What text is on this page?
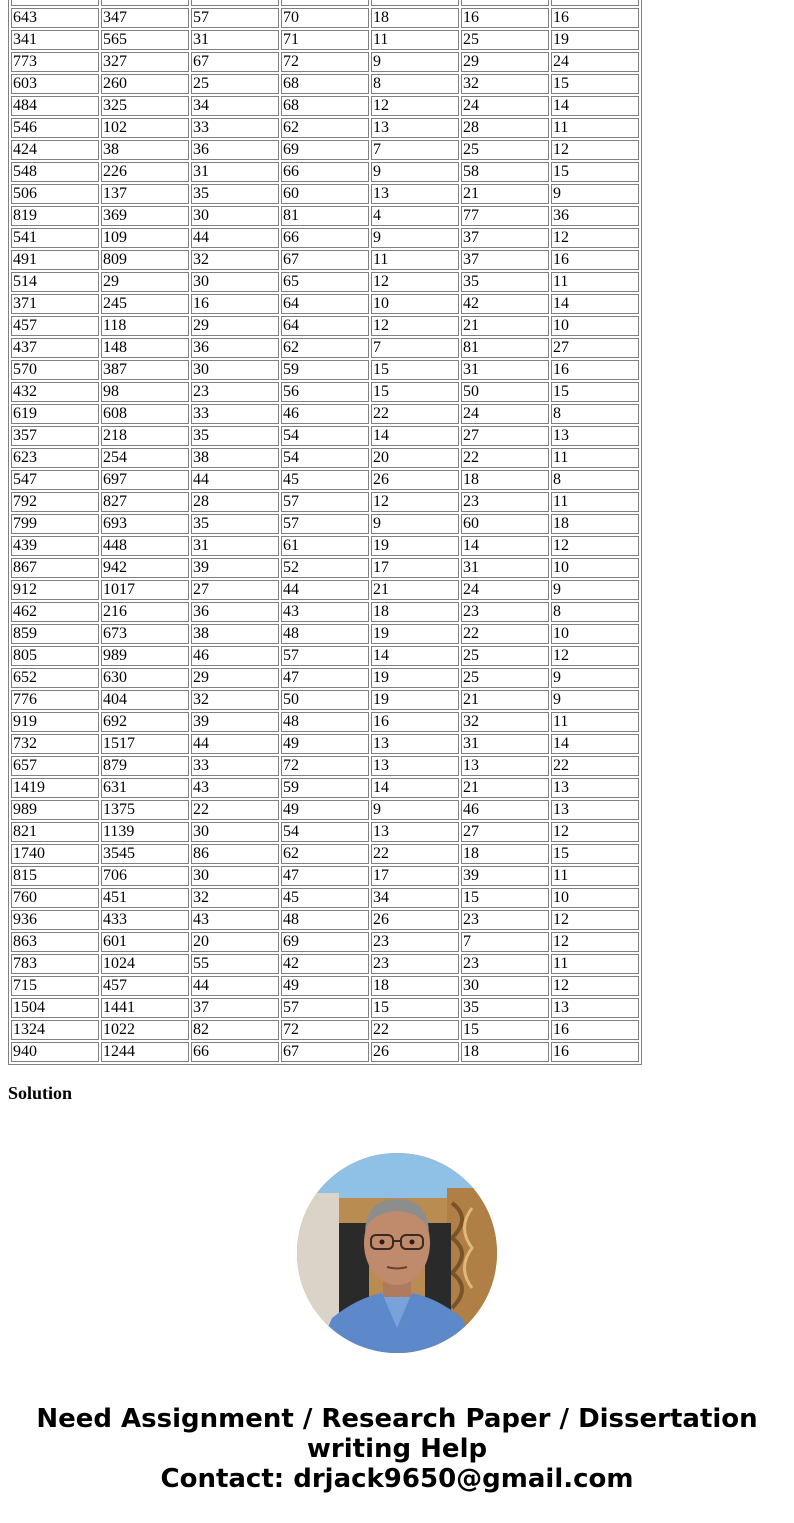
643	347	57	70	18	16	16
341	565	31	71	11	25	19
773	327	67	72	9	29	24
603	260	25	68	8	32	15
484	325	34	68	12	24	14
546	102	33	62	13	28	11
424	38	36	69	7	25	12
548	226	31	66	9	58	15
506	137	35	60	13	21	9
819	369	30	81	4	77	36
541	109	44	66	9	37	12
491	809	32	67	11	37	16
514	29	30	65	12	35	11
371	245	16	64	10	42	14
457	118	29	64	12	21	10
437	148	36	62	7	81	27
570	387	30	59	15	31	16
432	98	23	56	15	50	15
619	608	33	46	22	24	8
357	218	35	54	14	27	13
623	254	38	54	20	22	11
547	697	44	45	26	18	8
792	827	28	57	12	23	11
799	693	35	57	9	60	18
439	448	31	61	19	14	12
867	942	39	52	17	31	10
912	1017	27	44	21	24	9
462	216	36	43	18	23	8
859	673	38	48	19	22	10
805	989	46	57	14	25	12
652	630	29	47	19	25	9
776	404	32	50	19	21	9
919	692	39	48	16	32	11
732	1517	44	49	13	31	14
657	879	33	72	13	13	22
1419	631	43	59	14	21	13
989	1375	22	49	9	46	13
821	1139	30	54	13	27	12
1740	3545	86	62	22	18	15
815	706	30	47	17	39	11
760	451	32	45	34	15	10
936	433	43	48	26	23	12
863	601	20	69	23	7	12
783	1024	55	42	23	23	11
715	457	44	49	18	30	12
1504	1441	37	57	15	35	13
1324	1022	82	72	22	15	16
940	1244	66	67	26	18	16
Solution
Need Assignment / Research Paper / Dissertation
writing Help
Contact: drjack9650@gmail.com
